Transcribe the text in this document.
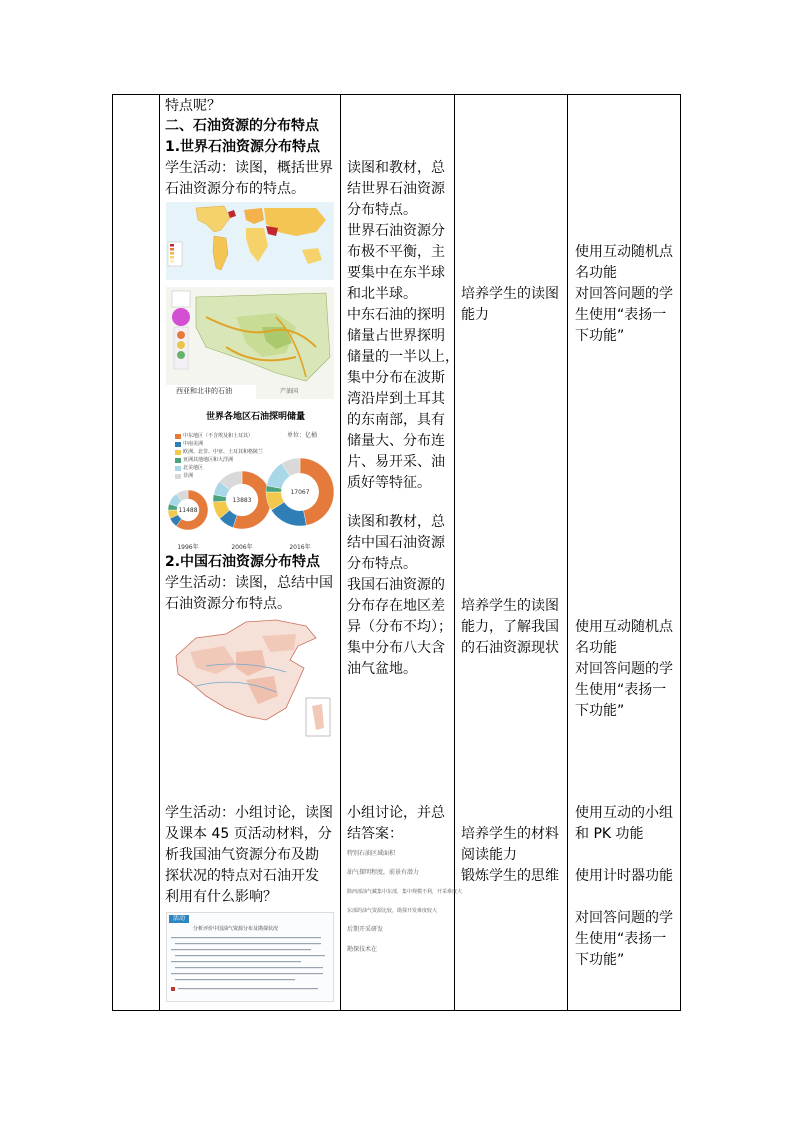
特点呢？
二、石油资源的分布特点
1.世界石油资源分布特点
学生活动：读图，概括世界
石油资源分布的特点。
西亚和北非的石油	产油国
世界各地区石油探明储量
单位：亿桶
中东地区（不含埃及和土耳其）
中南美洲
欧洲、北非、中亚、土耳其和格陵兰
亚洲其他地区和大洋洲
北美地区
非洲
11488
1996年
13883
2006年
17067
2016年
2.中国石油资源分布特点
学生活动：读图，总结中国
石油资源分布特点。
学生活动：小组讨论，读图
及课本 45 页活动材料，分
析我国油气资源分布及勘
探状况的特点对石油开发
利用有什么影响？
活动
分析评价中国油气资源分布及勘探状况
读图和教材，总
结世界石油资源
分布特点。
世界石油资源分
布极不平衡，主
要集中在东半球
和北半球。
中东石油的探明
储量占世界探明
储量的一半以上，
集中分布在波斯
湾沿岸到土耳其
的东南部，具有
储量大、分布连
片、易开采、油
质好等特征。
读图和教材，总
结中国石油资源
分布特点。
我国石油资源的
分布存在地区差
异（分布不均）；
集中分布八大含
油气盆地。
小组讨论，并总
结答案：
特别石油区域面积
油气探明程度，前景有潜力
除西部油气藏集中东部，集中规模不利，开采难度大
东部的油气资源比较，勘探开发难度较大
后期开采研发
勘探技术在
培养学生的读图
能力
培养学生的读图
能力，了解我国
的石油资源现状
培养学生的材料
阅读能力
锻炼学生的思维
使用互动随机点
名功能
对回答问题的学
生使用“表扬一
下功能”
使用互动随机点
名功能
对回答问题的学
生使用“表扬一
下功能”
使用互动的小组
和 PK 功能
使用计时器功能
对回答问题的学
生使用“表扬一
下功能”
